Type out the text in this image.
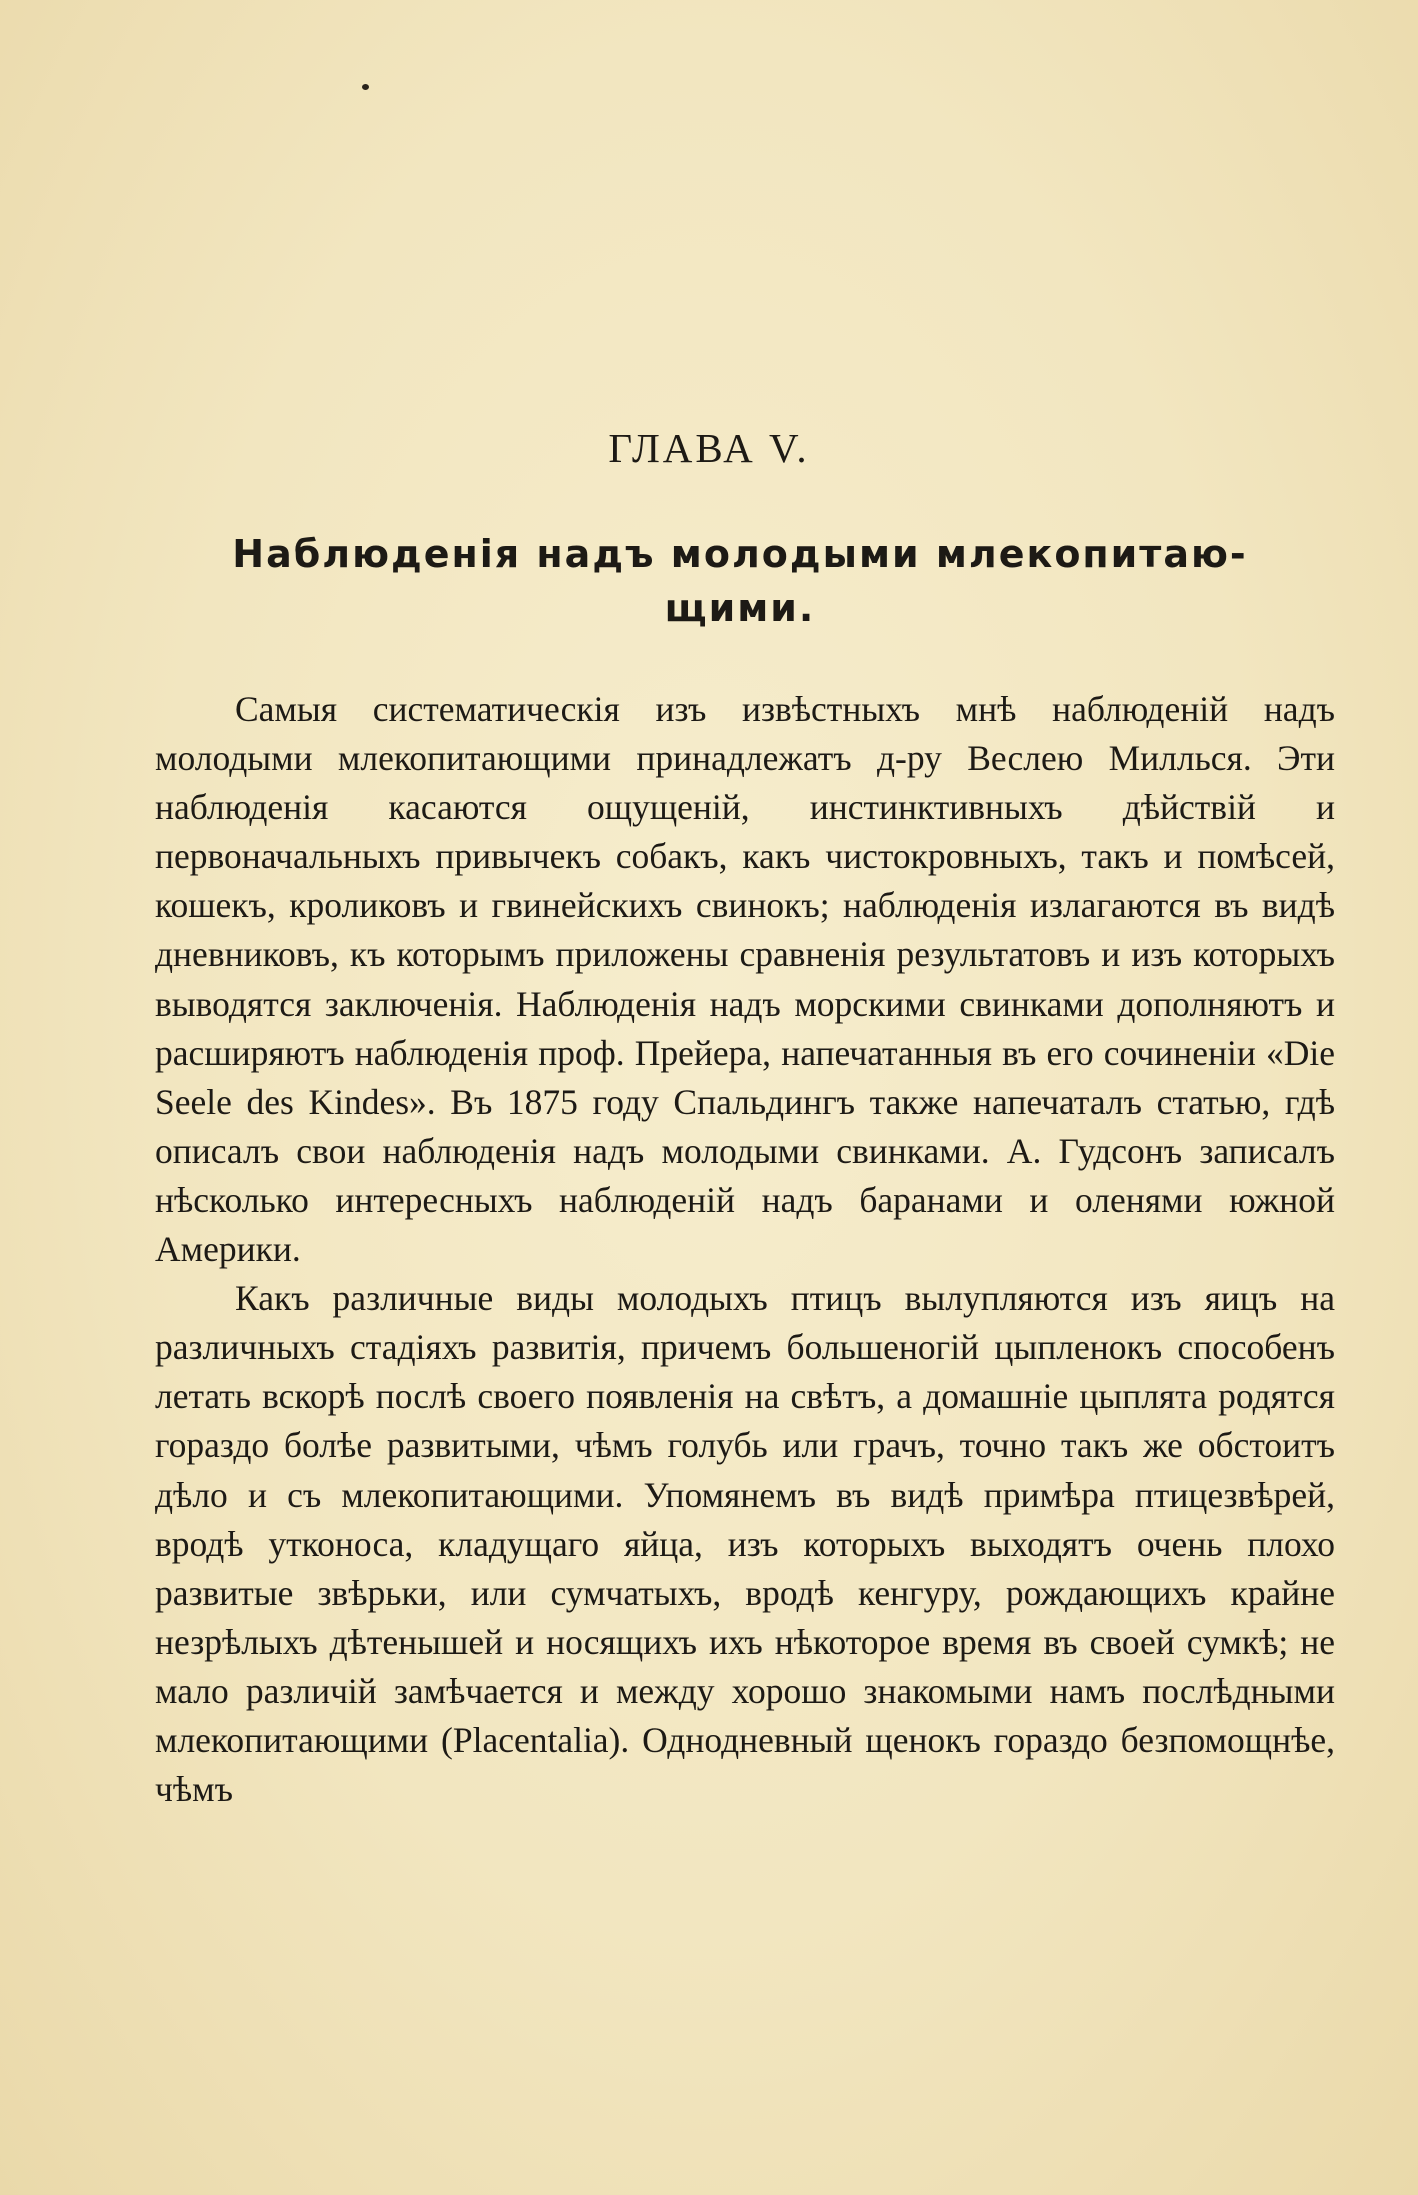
ГЛАВА V.
Наблюденія надъ молодыми млекопитаю-
щими.

Самыя систематическія изъ извѣстныхъ мнѣ наблюденій надъ молодыми млекопитающими принадлежатъ д-ру Веслею Миллься. Эти наблюденія касаются ощущеній, инстинктивныхъ дѣйствій и первоначальныхъ привычекъ собакъ, какъ чистокровныхъ, такъ и помѣсей, кошекъ, кроликовъ и гвинейскихъ свинокъ; наблюденія излагаются въ видѣ дневниковъ, къ которымъ приложены сравненія результатовъ и изъ которыхъ выводятся заключенія. Наблюденія надъ морскими свинками дополняютъ и расширяютъ наблюденія проф. Прейера, напечатанныя въ его сочиненіи «Die Seele des Kindes». Въ 1875 году Спальдингъ также напечаталъ статью, гдѣ описалъ свои наблюденія надъ молодыми свинками. А. Гудсонъ записалъ нѣсколько интересныхъ наблюденій надъ баранами и оленями южной Америки.

Какъ различные виды молодыхъ птицъ вылупляются изъ яицъ на различныхъ стадіяхъ развитія, причемъ большеногій цыпленокъ способенъ летать вскорѣ послѣ своего появленія на свѣтъ, а домашніе цыплята родятся гораздо болѣе развитыми, чѣмъ голубь или грачъ, точно такъ же обстоитъ дѣло и съ млекопитающими. Упомянемъ въ видѣ примѣра птицезвѣрей, вродѣ утконоса, кладущаго яйца, изъ которыхъ выходятъ очень плохо развитые звѣрьки, или сумчатыхъ, вродѣ кенгуру, рождающихъ крайне незрѣлыхъ дѣтенышей и носящихъ ихъ нѣкоторое время въ своей сумкѣ; не мало различій замѣчается и между хорошо знакомыми намъ послѣдными млекопитающими (Placentalia). Однодневный щенокъ гораздо безпомощнѣе, чѣмъ
